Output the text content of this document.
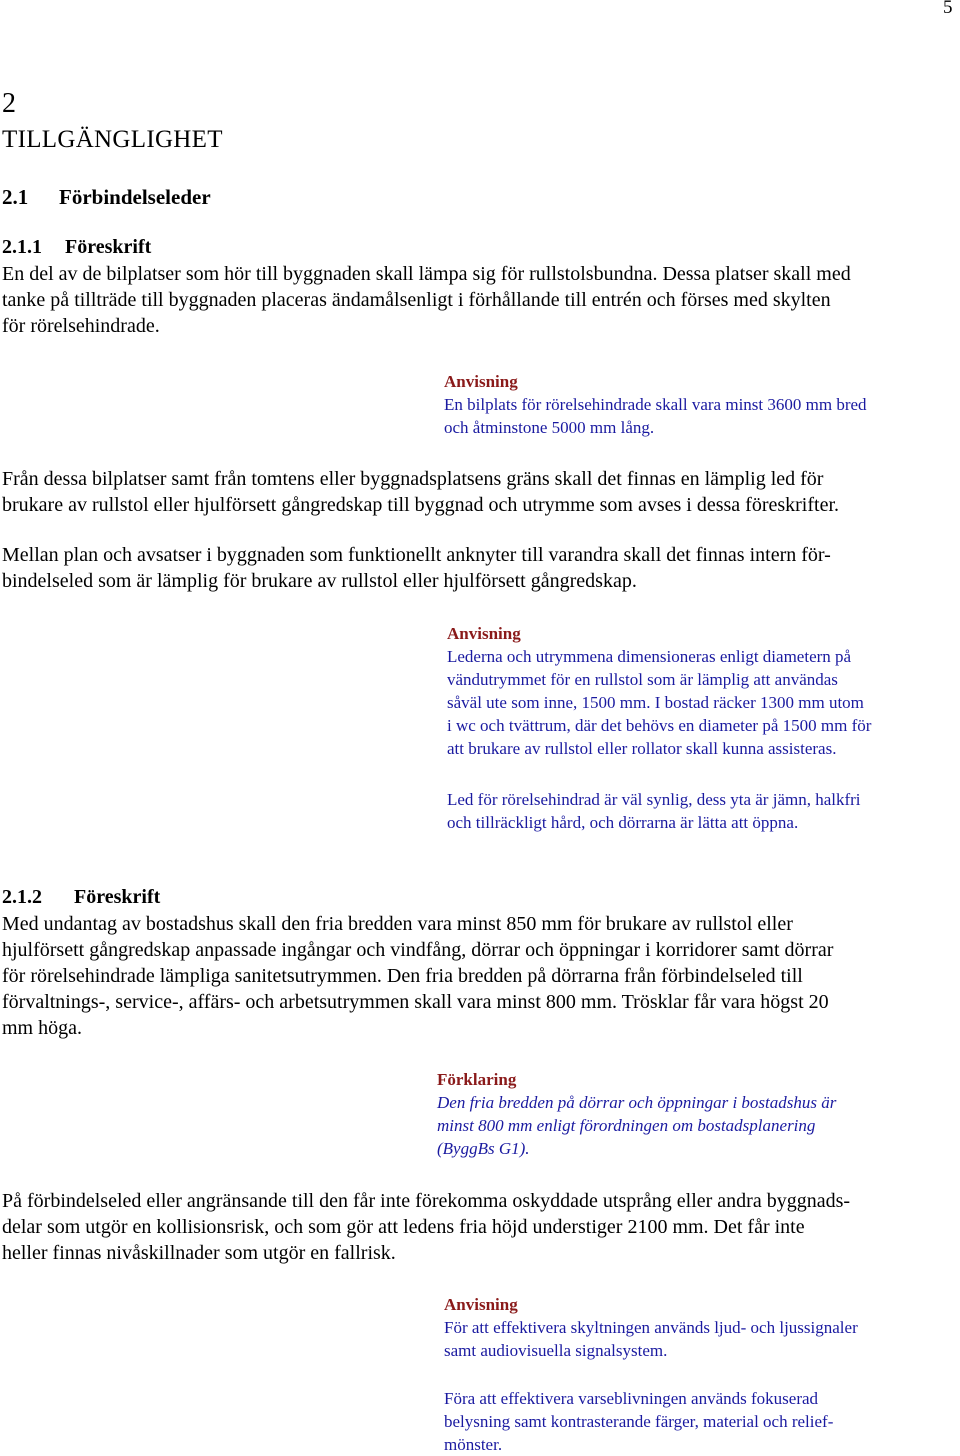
5
2
TILLGÄNGLIGHET
2.1 Förbindelseleder
2.1.1 Föreskrift
En del av de bilplatser som hör till byggnaden skall lämpa sig för rullstolsbundna. Dessa platser skall med
tanke på tillträde till byggnaden placeras ändamålsenligt i förhållande till entrén och förses med skylten
för rörelsehindrade.
Anvisning
En bilplats för rörelsehindrade skall vara minst 3600 mm bred
och åtminstone 5000 mm lång.
Från dessa bilplatser samt från tomtens eller byggnadsplatsens gräns skall det finnas en lämplig led för
brukare av rullstol eller hjulförsett gångredskap till byggnad och utrymme som avses i dessa föreskrifter.
Mellan plan och avsatser i byggnaden som funktionellt anknyter till varandra skall det finnas intern för-
bindelseled som är lämplig för brukare av rullstol eller hjulförsett gångredskap.
Anvisning
Lederna och utrymmena dimensioneras enligt diametern på
vändutrymmet för en rullstol som är lämplig att användas
såväl ute som inne, 1500 mm. I bostad räcker 1300 mm utom
i wc och tvättrum, där det behövs en diameter på 1500 mm för
att brukare av rullstol eller rollator skall kunna assisteras.
Led för rörelsehindrad är väl synlig, dess yta är jämn, halkfri
och tillräckligt hård, och dörrarna är lätta att öppna.
2.1.2 Föreskrift
Med undantag av bostadshus skall den fria bredden vara minst 850 mm för brukare av rullstol eller
hjulförsett gångredskap anpassade ingångar och vindfång, dörrar och öppningar i korridorer samt dörrar
för rörelsehindrade lämpliga sanitetsutrymmen. Den fria bredden på dörrarna från förbindelseled till
förvaltnings-, service-, affärs- och arbetsutrymmen skall vara minst 800 mm. Trösklar får vara högst 20
mm höga.
Förklaring
Den fria bredden på dörrar och öppningar i bostadshus är
minst 800 mm enligt förordningen om bostadsplanering
(ByggBs G1).
På förbindelseled eller angränsande till den får inte förekomma oskyddade utsprång eller andra byggnads-
delar som utgör en kollisionsrisk, och som gör att ledens fria höjd understiger 2100 mm. Det får inte
heller finnas nivåskillnader som utgör en fallrisk.
Anvisning
För att effektivera skyltningen används ljud- och ljussignaler
samt audiovisuella signalsystem.
Föra att effektivera varseblivningen används fokuserad
belysning samt kontrasterande färger, material och relief-
mönster.
